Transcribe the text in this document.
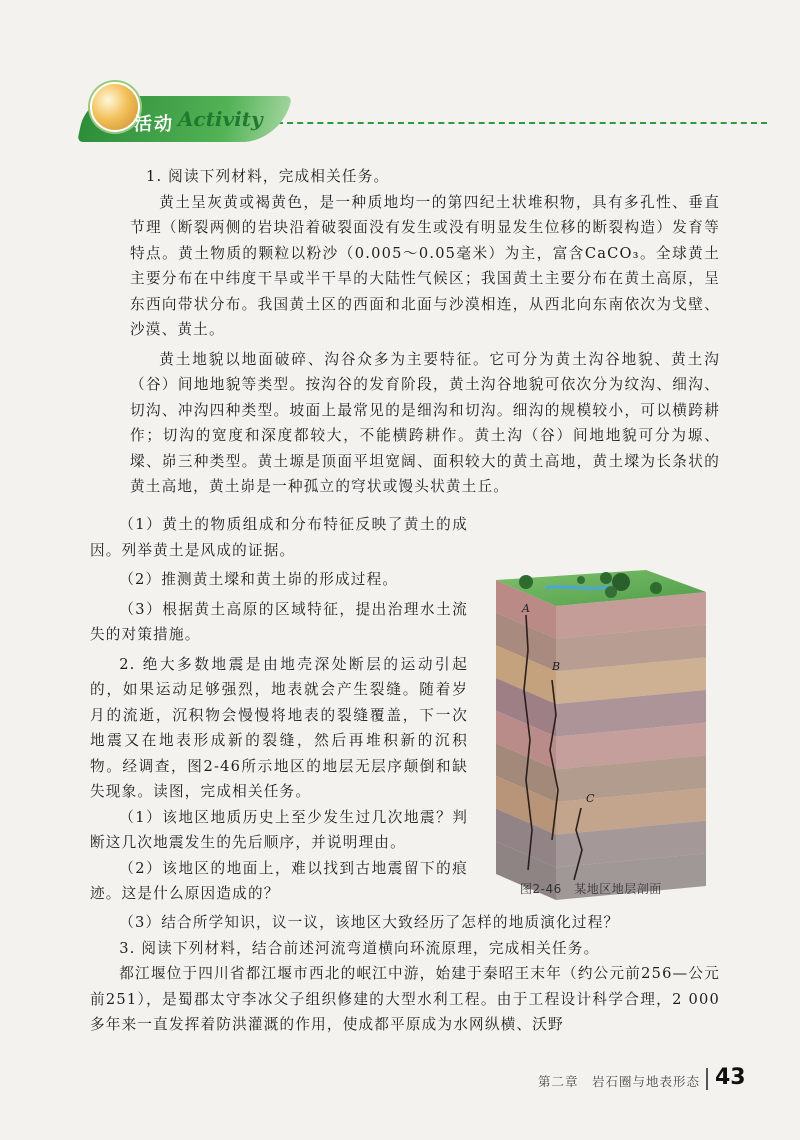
活动 Activity

1. 阅读下列材料，完成相关任务。

黄土呈灰黄或褐黄色，是一种质地均一的第四纪土状堆积物，具有多孔性、垂直节理（断裂两侧的岩块沿着破裂面没有发生或没有明显发生位移的断裂构造）发育等特点。黄土物质的颗粒以粉沙（0.005～0.05毫米）为主，富含CaCO₃。全球黄土主要分布在中纬度干旱或半干旱的大陆性气候区；我国黄土主要分布在黄土高原，呈东西向带状分布。我国黄土区的西面和北面与沙漠相连，从西北向东南依次为戈壁、沙漠、黄土。

黄土地貌以地面破碎、沟谷众多为主要特征。它可分为黄土沟谷地貌、黄土沟（谷）间地地貌等类型。按沟谷的发育阶段，黄土沟谷地貌可依次分为纹沟、细沟、切沟、冲沟四种类型。坡面上最常见的是细沟和切沟。细沟的规模较小，可以横跨耕作；切沟的宽度和深度都较大，不能横跨耕作。黄土沟（谷）间地地貌可分为塬、墚、峁三种类型。黄土塬是顶面平坦宽阔、面积较大的黄土高地，黄土墚为长条状的黄土高地，黄土峁是一种孤立的穹状或馒头状黄土丘。

（1）黄土的物质组成和分布特征反映了黄土的成因。列举黄土是风成的证据。

（2）推测黄土墚和黄土峁的形成过程。

（3）根据黄土高原的区域特征，提出治理水土流失的对策措施。

2. 绝大多数地震是由地壳深处断层的运动引起的，如果运动足够强烈，地表就会产生裂缝。随着岁月的流逝，沉积物会慢慢将地表的裂缝覆盖，下一次地震又在地表形成新的裂缝，然后再堆积新的沉积物。经调查，图2-46所示地区的地层无层序颠倒和缺失现象。读图，完成相关任务。

（1）该地区地质历史上至少发生过几次地震？判断这几次地震发生的先后顺序，并说明理由。

（2）该地区的地面上，难以找到古地震留下的痕迹。这是什么原因造成的？

A
B
C
图2-46　某地区地层剖面

（3）结合所学知识，议一议，该地区大致经历了怎样的地质演化过程？

3. 阅读下列材料，结合前述河流弯道横向环流原理，完成相关任务。

都江堰位于四川省都江堰市西北的岷江中游，始建于秦昭王末年（约公元前256—公元前251），是蜀郡太守李冰父子组织修建的大型水利工程。由于工程设计科学合理，2 000多年来一直发挥着防洪灌溉的作用，使成都平原成为水网纵横、沃野

第二章　岩石圈与地表形态 43
